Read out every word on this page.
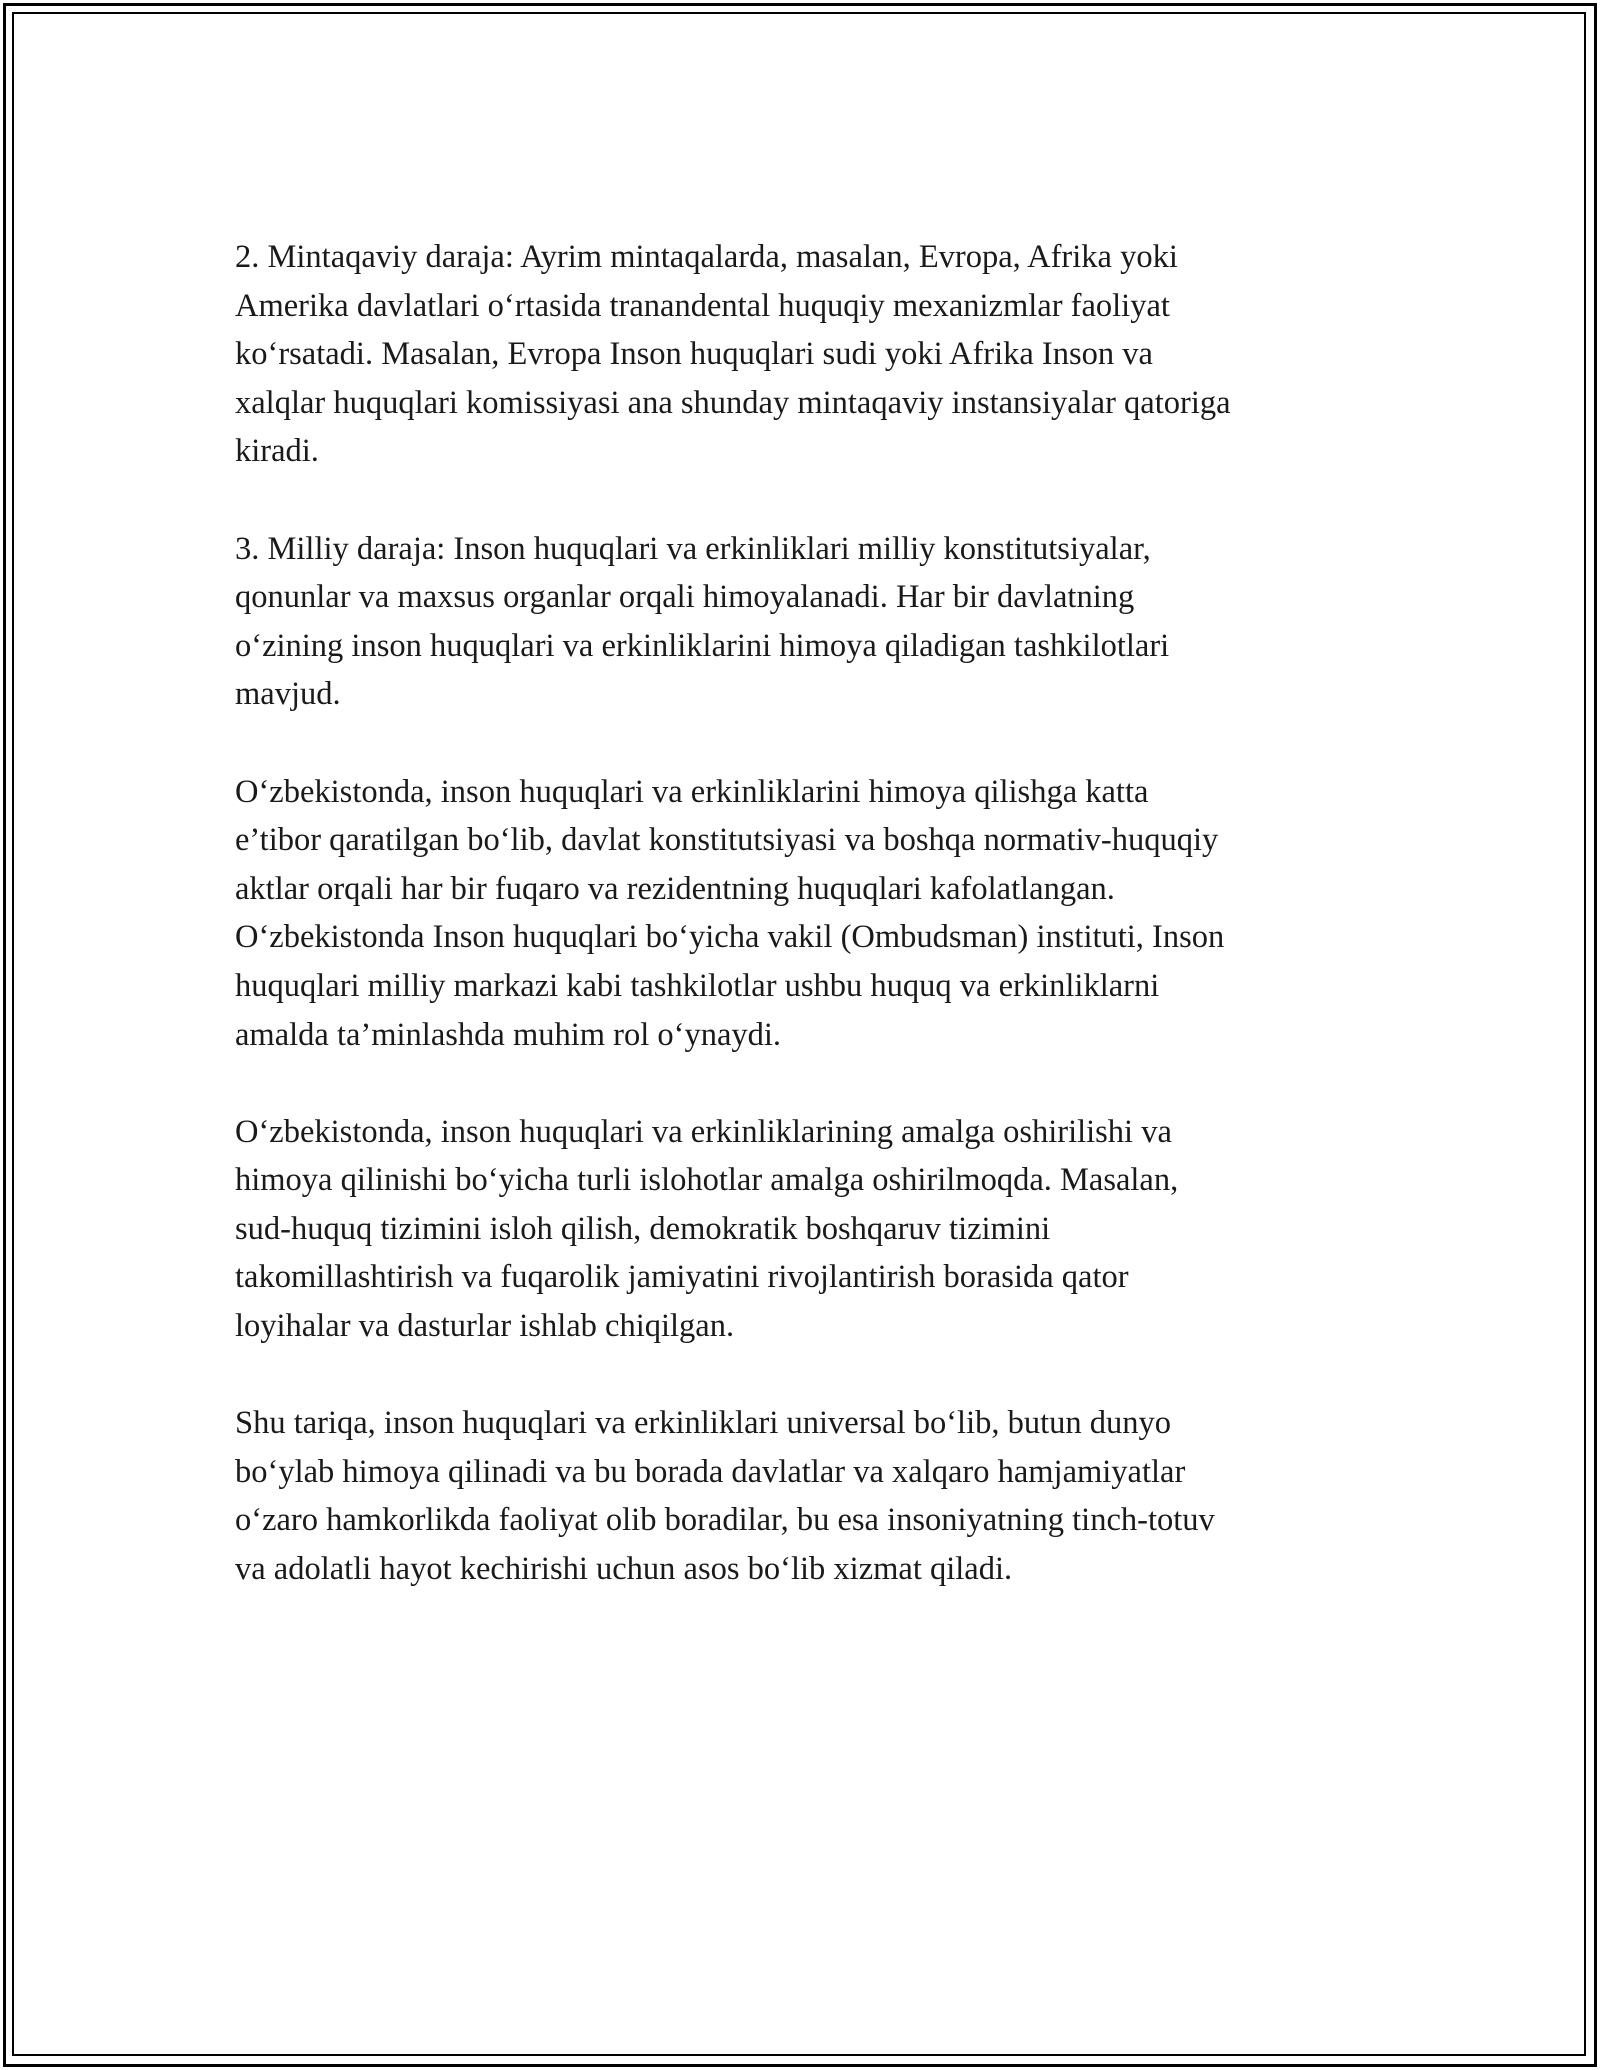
2. Mintaqaviy daraja: Ayrim mintaqalarda, masalan, Evropa, Afrika yoki
Amerika davlatlari o‘rtasida tranandental huquqiy mexanizmlar faoliyat
ko‘rsatadi. Masalan, Evropa Inson huquqlari sudi yoki Afrika Inson va
xalqlar huquqlari komissiyasi ana shunday mintaqaviy instansiyalar qatoriga
kiradi.

3. Milliy daraja: Inson huquqlari va erkinliklari milliy konstitutsiyalar,
qonunlar va maxsus organlar orqali himoyalanadi. Har bir davlatning
o‘zining inson huquqlari va erkinliklarini himoya qiladigan tashkilotlari
mavjud.

O‘zbekistonda, inson huquqlari va erkinliklarini himoya qilishga katta
e’tibor qaratilgan bo‘lib, davlat konstitutsiyasi va boshqa normativ-huquqiy
aktlar orqali har bir fuqaro va rezidentning huquqlari kafolatlangan.
O‘zbekistonda Inson huquqlari bo‘yicha vakil (Ombudsman) instituti, Inson
huquqlari milliy markazi kabi tashkilotlar ushbu huquq va erkinliklarni
amalda ta’minlashda muhim rol o‘ynaydi.

O‘zbekistonda, inson huquqlari va erkinliklarining amalga oshirilishi va
himoya qilinishi bo‘yicha turli islohotlar amalga oshirilmoqda. Masalan,
sud-huquq tizimini isloh qilish, demokratik boshqaruv tizimini
takomillashtirish va fuqarolik jamiyatini rivojlantirish borasida qator
loyihalar va dasturlar ishlab chiqilgan.

Shu tariqa, inson huquqlari va erkinliklari universal bo‘lib, butun dunyo
bo‘ylab himoya qilinadi va bu borada davlatlar va xalqaro hamjamiyatlar
o‘zaro hamkorlikda faoliyat olib boradilar, bu esa insoniyatning tinch-totuv
va adolatli hayot kechirishi uchun asos bo‘lib xizmat qiladi.
